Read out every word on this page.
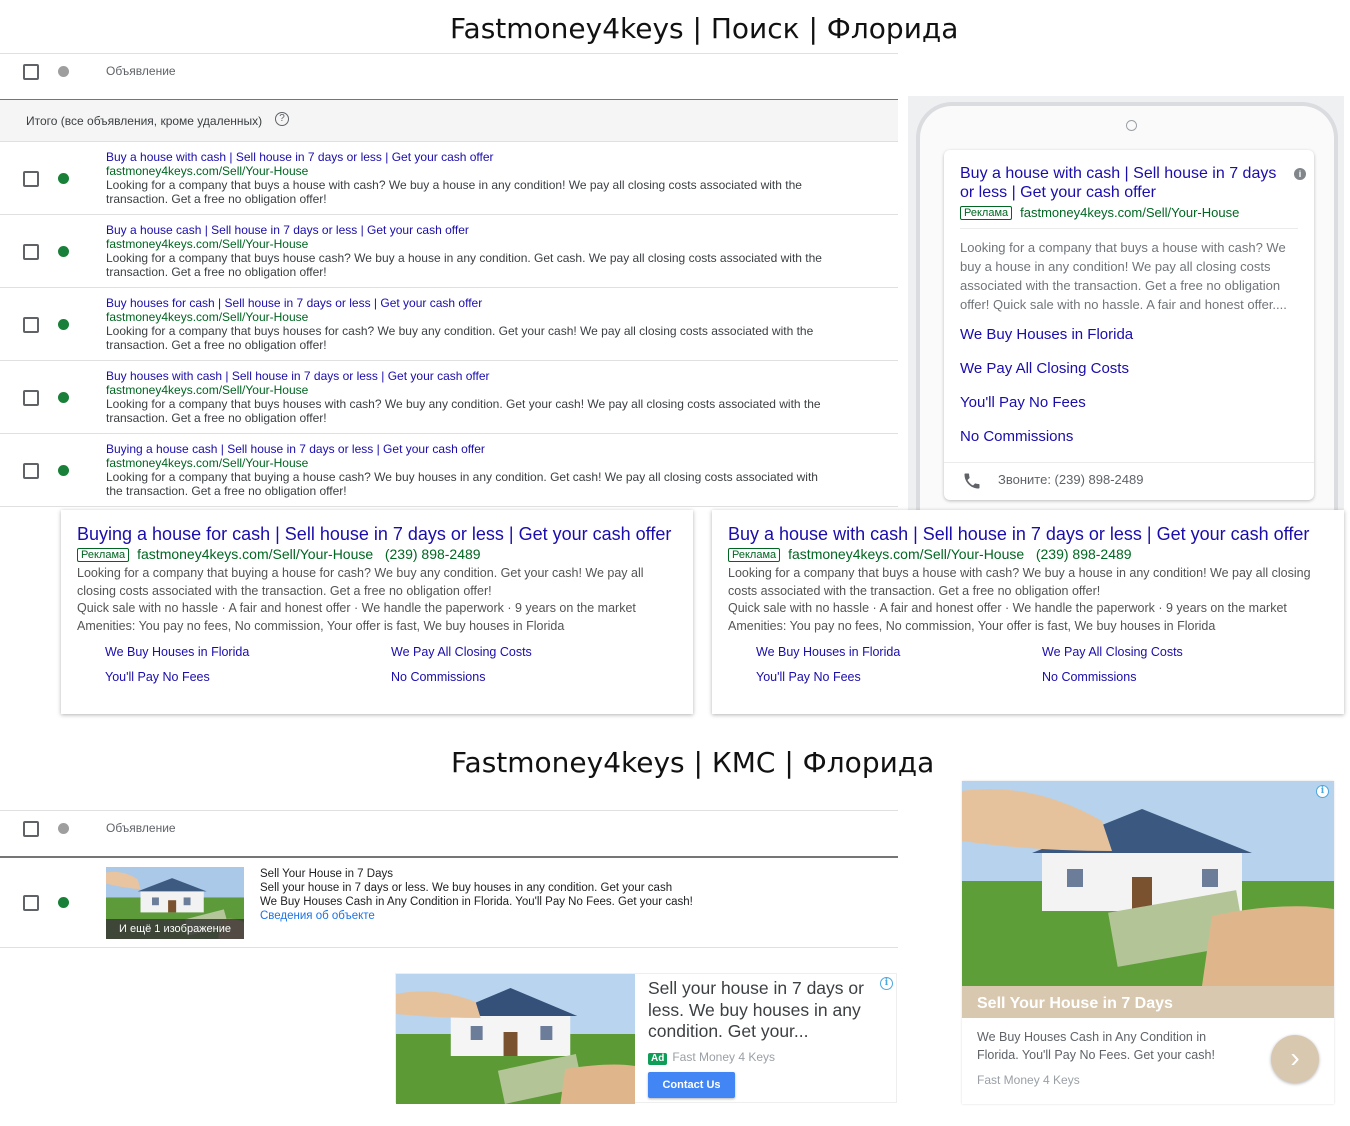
Fastmoney4keys | Поиск | Флорида
Объявление
Итого (все объявления, кроме удаленных)	?
Buy a house with cash | Sell house in 7 days or less | Get your cash offer
fastmoney4keys.com/Sell/Your-House
Looking for a company that buys a house with cash? We buy a house in any condition! We pay all closing costs associated with the transaction. Get a free no obligation offer!
Buy a house cash | Sell house in 7 days or less | Get your cash offer
fastmoney4keys.com/Sell/Your-House
Looking for a company that buys house cash? We buy a house in any condition. Get cash. We pay all closing costs associated with the transaction. Get a free no obligation offer!
Buy houses for cash | Sell house in 7 days or less | Get your cash offer
fastmoney4keys.com/Sell/Your-House
Looking for a company that buys houses for cash? We buy any condition. Get your cash! We pay all closing costs associated with the transaction. Get a free no obligation offer!
Buy houses with cash | Sell house in 7 days or less | Get your cash offer
fastmoney4keys.com/Sell/Your-House
Looking for a company that buys houses with cash? We buy any condition. Get your cash! We pay all closing costs associated with the transaction. Get a free no obligation offer!
Buying a house cash | Sell house in 7 days or less | Get your cash offer
fastmoney4keys.com/Sell/Your-House
Looking for a company that buying a house cash? We buy houses in any condition. Get cash! We pay all closing costs associated with the transaction. Get a free no obligation offer!
Buy a house with cash | Sell house in 7 days or less | Get your cash offer
i
Реклама fastmoney4keys.com/Sell/Your-House
Looking for a company that buys a house with cash? We buy a house in any condition! We pay all closing costs associated with the transaction. Get a free no obligation offer! Quick sale with no hassle. A fair and honest offer....
We Buy Houses in Florida
We Pay All Closing Costs
You'll Pay No Fees
No Commissions
Звоните: (239) 898-2489
Buying a house for cash | Sell house in 7 days or less | Get your cash offer
Реклама fastmoney4keys.com/Sell/Your-House (239) 898-2489
Looking for a company that buying a house for cash? We buy any condition. Get your cash! We pay all closing costs associated with the transaction. Get a free no obligation offer!
Quick sale with no hassle · A fair and honest offer · We handle the paperwork · 9 years on the market
Amenities: You pay no fees, No commission, Your offer is fast, We buy houses in Florida
We Buy Houses in Florida	We Pay All Closing Costs
You'll Pay No Fees	No Commissions
Buy a house with cash | Sell house in 7 days or less | Get your cash offer
Реклама fastmoney4keys.com/Sell/Your-House (239) 898-2489
Looking for a company that buys a house with cash? We buy a house in any condition! We pay all closing costs associated with the transaction. Get a free no obligation offer!
Quick sale with no hassle · A fair and honest offer · We handle the paperwork · 9 years on the market
Amenities: You pay no fees, No commission, Your offer is fast, We buy houses in Florida
We Buy Houses in Florida	We Pay All Closing Costs
You'll Pay No Fees	No Commissions
Fastmoney4keys | КМС | Флорида
Объявление
И ещё 1 изображение
Sell Your House in 7 Days
Sell your house in 7 days or less. We buy houses in any condition. Get your cash
We Buy Houses Cash in Any Condition in Florida. You'll Pay No Fees. Get your cash!
Сведения об объекте
Sell your house in 7 days or less. We buy houses in any condition. Get your...
Ad Fast Money 4 Keys
Contact Us
i
i
Sell Your House in 7 Days
We Buy Houses Cash in Any Condition in Florida. You'll Pay No Fees. Get your cash!
Fast Money 4 Keys
›
